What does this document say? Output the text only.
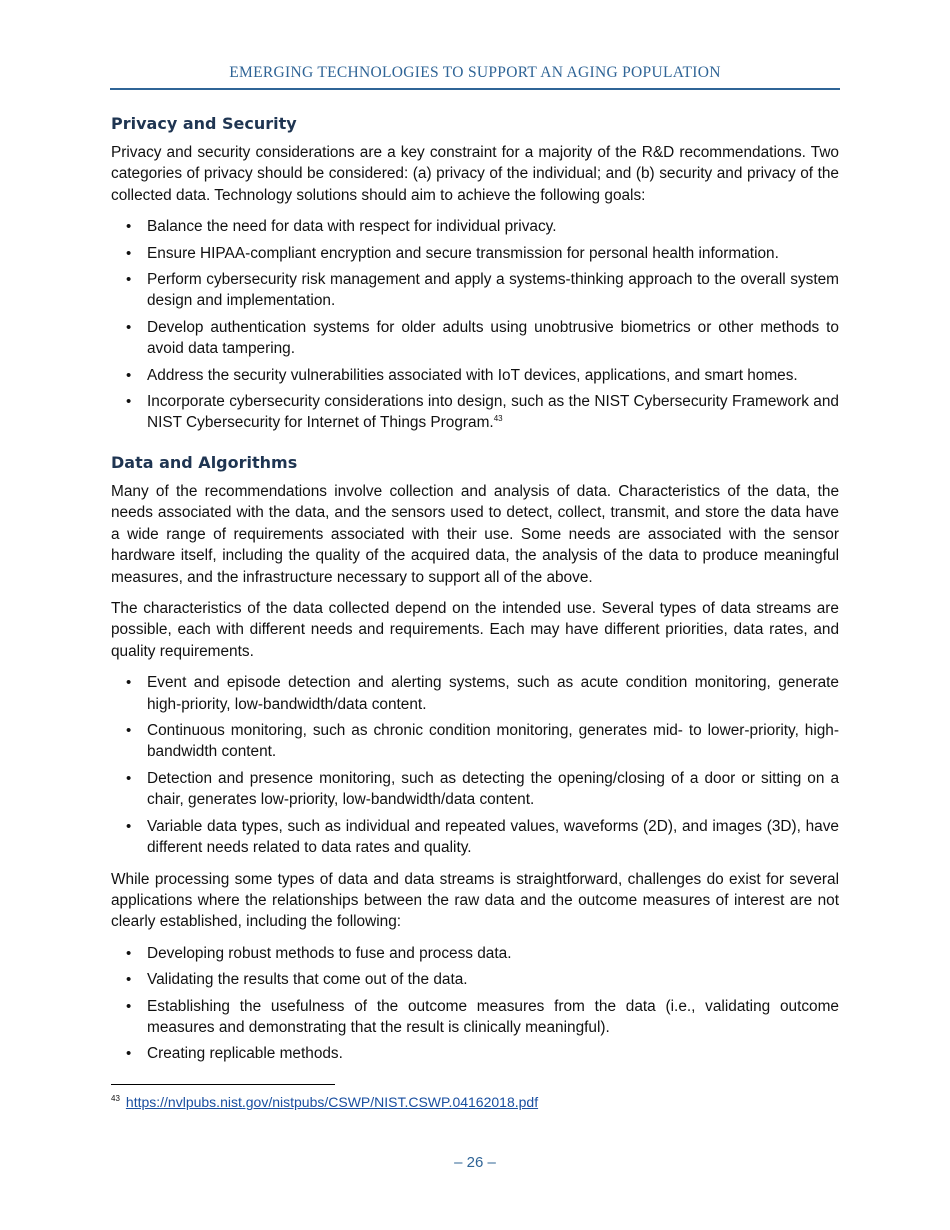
EMERGING TECHNOLOGIES TO SUPPORT AN AGING POPULATION
Privacy and Security

Privacy and security considerations are a key constraint for a majority of the R&D recommendations. Two categories of privacy should be considered: (a) privacy of the individual; and (b) security and privacy of the collected data. Technology solutions should aim to achieve the following goals:

• Balance the need for data with respect for individual privacy.
• Ensure HIPAA-compliant encryption and secure transmission for personal health information.
• Perform cybersecurity risk management and apply a systems-thinking approach to the overall system design and implementation.
• Develop authentication systems for older adults using unobtrusive biometrics or other methods to avoid data tampering.
• Address the security vulnerabilities associated with IoT devices, applications, and smart homes.
• Incorporate cybersecurity considerations into design, such as the NIST Cybersecurity Framework and NIST Cybersecurity for Internet of Things Program.$^{43}$
Data and Algorithms

Many of the recommendations involve collection and analysis of data. Characteristics of the data, the needs associated with the data, and the sensors used to detect, collect, transmit, and store the data have a wide range of requirements associated with their use. Some needs are associated with the sensor hardware itself, including the quality of the acquired data, the analysis of the data to produce meaningful measures, and the infrastructure necessary to support all of the above.

The characteristics of the data collected depend on the intended use. Several types of data streams are possible, each with different needs and requirements. Each may have different priorities, data rates, and quality requirements.

• Event and episode detection and alerting systems, such as acute condition monitoring, generate high-priority, low-bandwidth/data content.
• Continuous monitoring, such as chronic condition monitoring, generates mid- to lower-priority, high-bandwidth content.
• Detection and presence monitoring, such as detecting the opening/closing of a door or sitting on a chair, generates low-priority, low-bandwidth/data content.
• Variable data types, such as individual and repeated values, waveforms (2D), and images (3D), have different needs related to data rates and quality.

While processing some types of data and data streams is straightforward, challenges do exist for several applications where the relationships between the raw data and the outcome measures of interest are not clearly established, including the following:

• Developing robust methods to fuse and process data.
• Validating the results that come out of the data.
• Establishing the usefulness of the outcome measures from the data (i.e., validating outcome measures and demonstrating that the result is clinically meaningful).
• Creating replicable methods.
$^{43}$ https://nvlpubs.nist.gov/nistpubs/CSWP/NIST.CSWP.04162018.pdf
– 26 –
